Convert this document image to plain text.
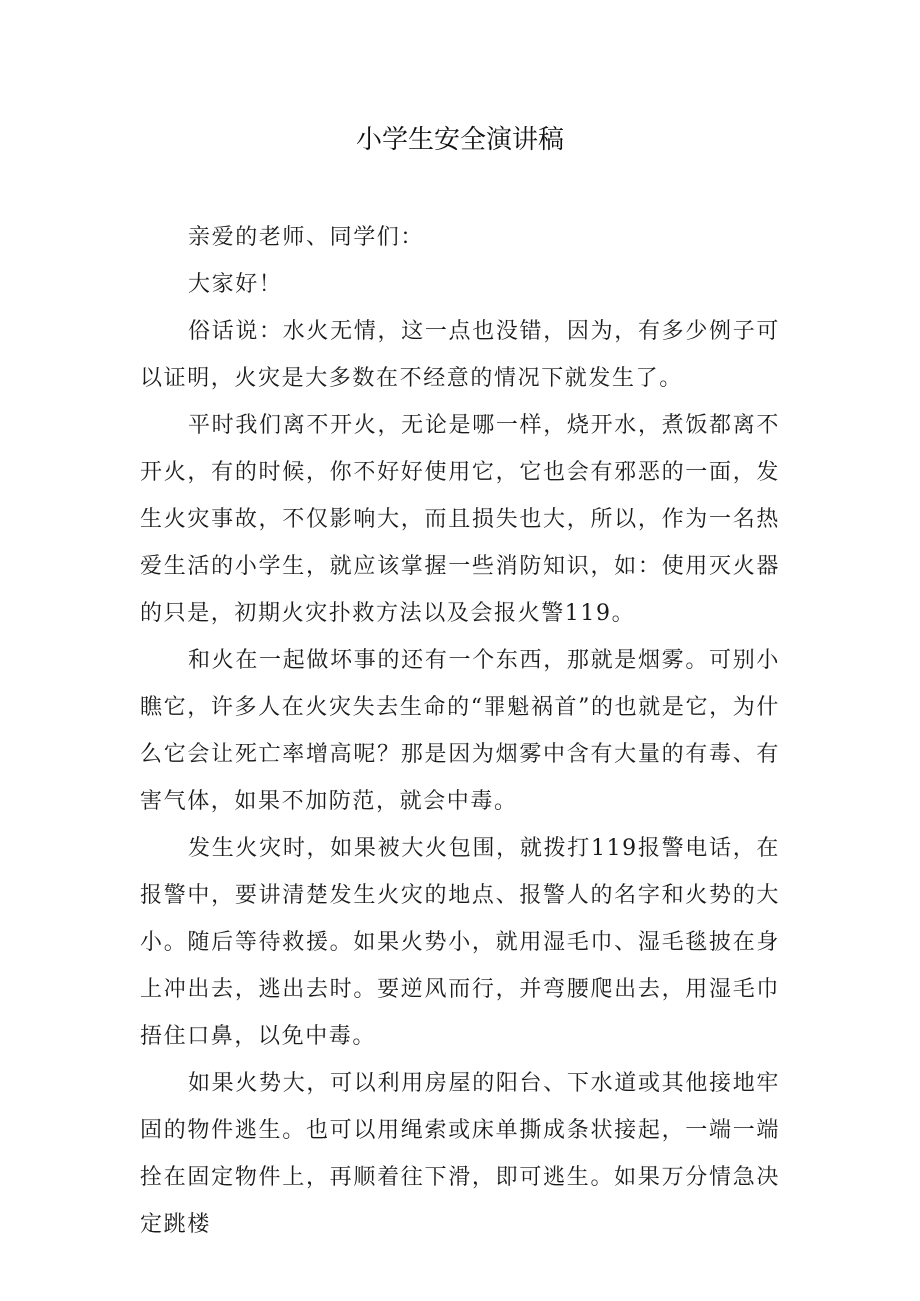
小学生安全演讲稿

亲爱的老师、同学们：

大家好！

俗话说：水火无情，这一点也没错，因为，有多少例子可以证明，火灾是大多数在不经意的情况下就发生了。

平时我们离不开火，无论是哪一样，烧开水，煮饭都离不开火，有的时候，你不好好使用它，它也会有邪恶的一面，发生火灾事故，不仅影响大，而且损失也大，所以，作为一名热爱生活的小学生，就应该掌握一些消防知识，如：使用灭火器的只是，初期火灾扑救方法以及会报火警119。

和火在一起做坏事的还有一个东西，那就是烟雾。可别小瞧它，许多人在火灾失去生命的“罪魁祸首”的也就是它，为什么它会让死亡率增高呢？那是因为烟雾中含有大量的有毒、有害气体，如果不加防范，就会中毒。

发生火灾时，如果被大火包围，就拨打119报警电话，在报警中，要讲清楚发生火灾的地点、报警人的名字和火势的大小。随后等待救援。如果火势小，就用湿毛巾、湿毛毯披在身上冲出去，逃出去时。要逆风而行，并弯腰爬出去，用湿毛巾捂住口鼻，以免中毒。

如果火势大，可以利用房屋的阳台、下水道或其他接地牢固的物件逃生。也可以用绳索或床单撕成条状接起，一端一端拴在固定物件上，再顺着往下滑，即可逃生。如果万分情急决定跳楼
